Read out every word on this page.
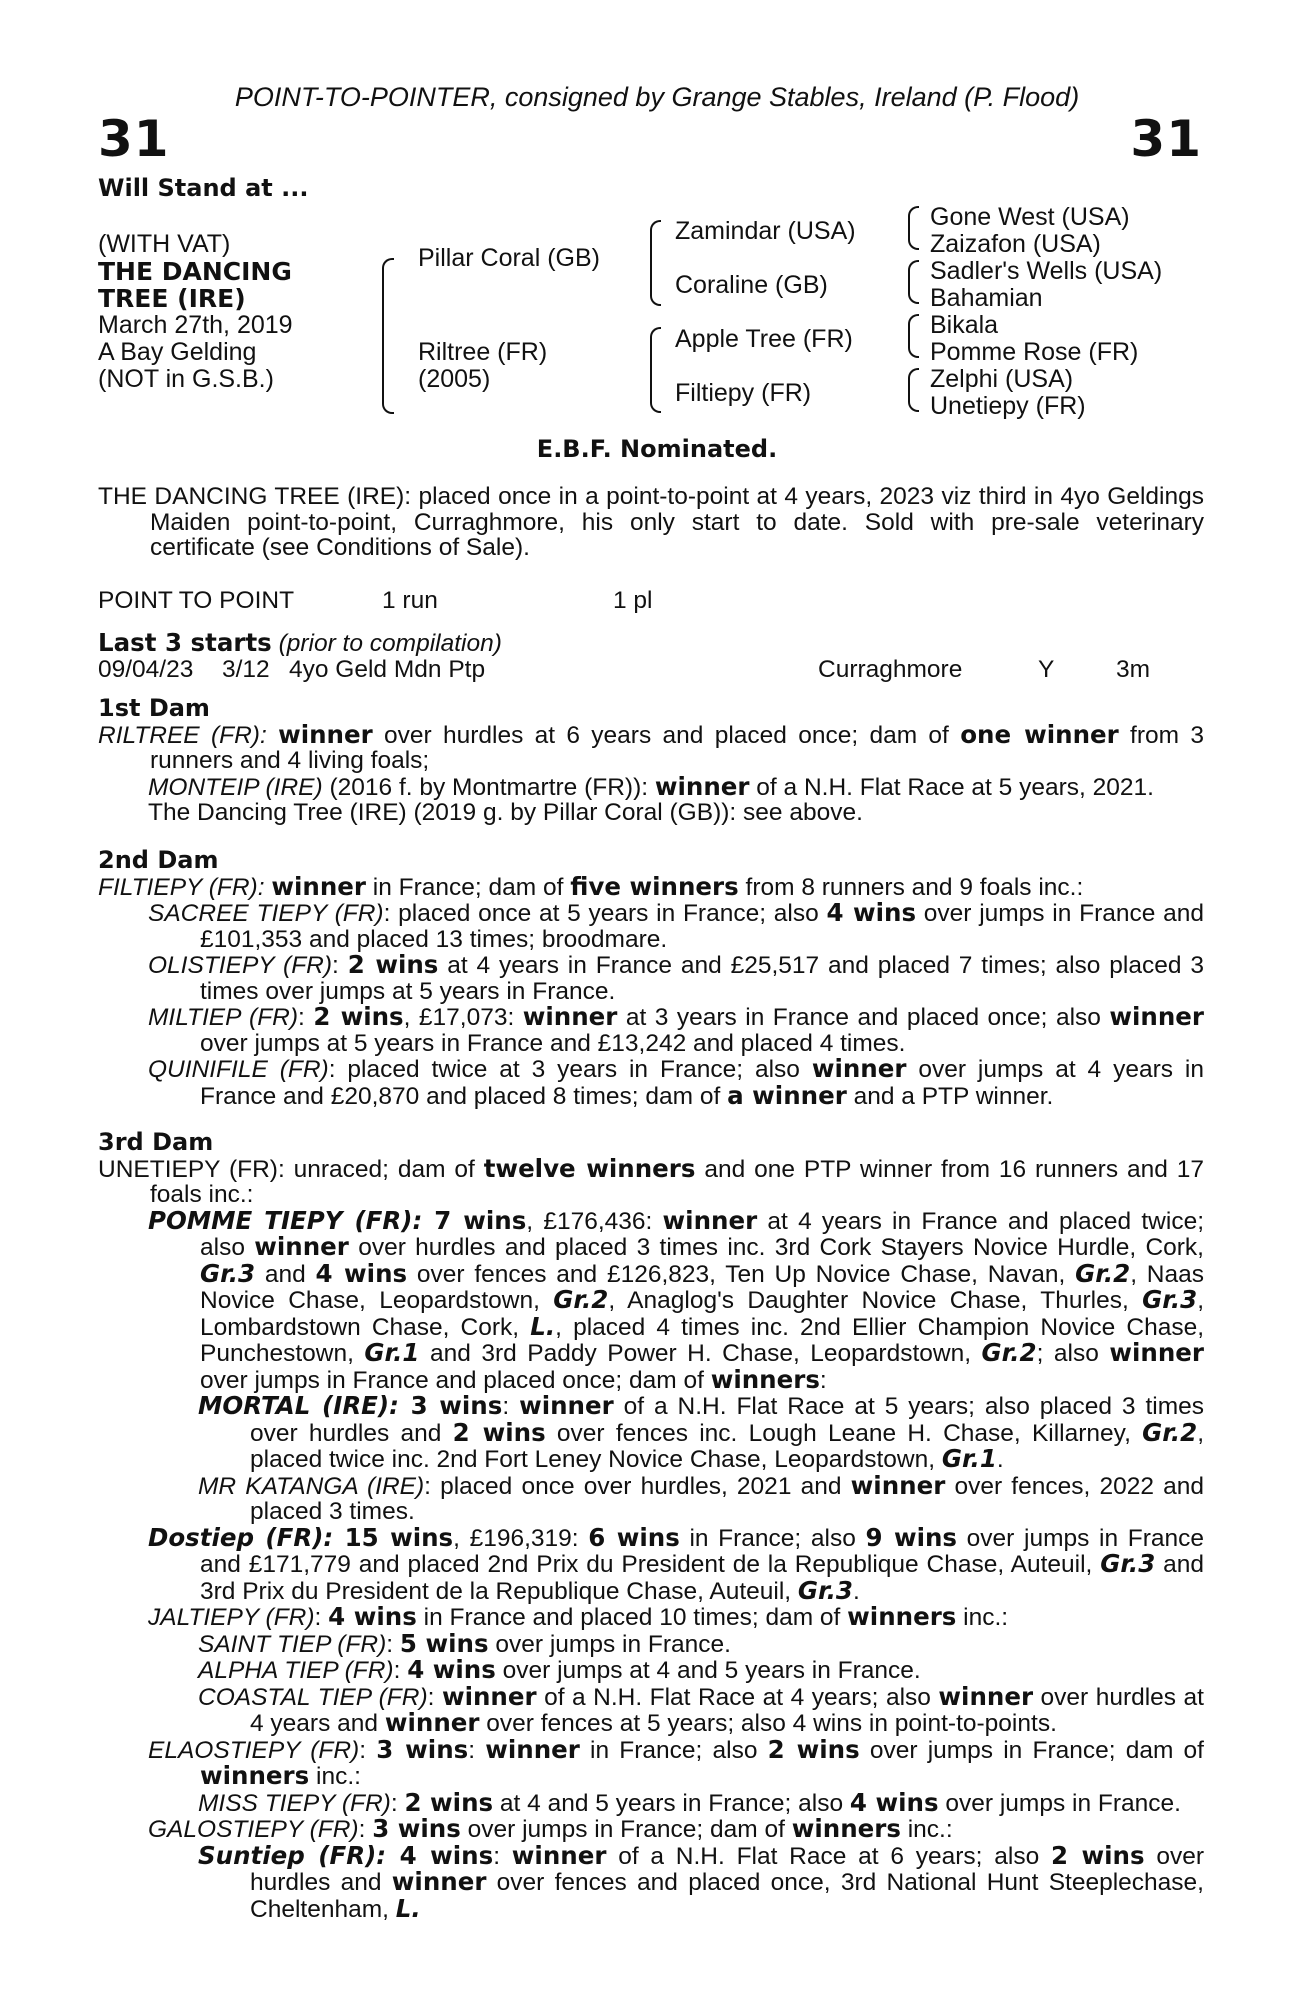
POINT-TO-POINTER, consigned by Grange Stables, Ireland (P. Flood)
31	31
Will Stand at ...
(WITH VAT)
THE DANCING
TREE (IRE)
March 27th, 2019
A Bay Gelding
(NOT in G.S.B.)
Pillar Coral (GB)
Riltree (FR)
(2005)
Zamindar (USA)
Coraline (GB)
Apple Tree (FR)
Filtiepy (FR)
Gone West (USA)
Zaizafon (USA)
Sadler's Wells (USA)
Bahamian
Bikala
Pomme Rose (FR)
Zelphi (USA)
Unetiepy (FR)
E.B.F. Nominated.

THE DANCING TREE (IRE): placed once in a point-to-point at 4 years, 2023 viz third in 4yo Geldings Maiden point-to-point, Curraghmore, his only start to date. Sold with pre-sale veterinary certificate (see Conditions of Sale).

POINT TO POINT	1 run	1 pl
Last 3 starts (prior to compilation)
09/04/23 3/12 4yo Geld Mdn Ptp	Curraghmore	Y	3m
1st Dam

RILTREE (FR): winner over hurdles at 6 years and placed once; dam of one winner from 3 runners and 4 living foals;

MONTEIP (IRE) (2016 f. by Montmartre (FR)): winner of a N.H. Flat Race at 5 years, 2021.

The Dancing Tree (IRE) (2019 g. by Pillar Coral (GB)): see above.

2nd Dam

FILTIEPY (FR): winner in France; dam of five winners from 8 runners and 9 foals inc.:

SACREE TIEPY (FR): placed once at 5 years in France; also 4 wins over jumps in France and £101,353 and placed 13 times; broodmare.

OLISTIEPY (FR): 2 wins at 4 years in France and £25,517 and placed 7 times; also placed 3 times over jumps at 5 years in France.

MILTIEP (FR): 2 wins, £17,073: winner at 3 years in France and placed once; also winner over jumps at 5 years in France and £13,242 and placed 4 times.

QUINIFILE (FR): placed twice at 3 years in France; also winner over jumps at 4 years in France and £20,870 and placed 8 times; dam of a winner and a PTP winner.

3rd Dam

UNETIEPY (FR): unraced; dam of twelve winners and one PTP winner from 16 runners and 17 foals inc.:

POMME TIEPY (FR): 7 wins, £176,436: winner at 4 years in France and placed twice; also winner over hurdles and placed 3 times inc. 3rd Cork Stayers Novice Hurdle, Cork, Gr.3 and 4 wins over fences and £126,823, Ten Up Novice Chase, Navan, Gr.2, Naas Novice Chase, Leopardstown, Gr.2, Anaglog's Daughter Novice Chase, Thurles, Gr.3, Lombardstown Chase, Cork, L., placed 4 times inc. 2nd Ellier Champion Novice Chase, Punchestown, Gr.1 and 3rd Paddy Power H. Chase, Leopardstown, Gr.2; also winner over jumps in France and placed once; dam of winners:

MORTAL (IRE): 3 wins: winner of a N.H. Flat Race at 5 years; also placed 3 times over hurdles and 2 wins over fences inc. Lough Leane H. Chase, Killarney, Gr.2, placed twice inc. 2nd Fort Leney Novice Chase, Leopardstown, Gr.1.

MR KATANGA (IRE): placed once over hurdles, 2021 and winner over fences, 2022 and placed 3 times.

Dostiep (FR): 15 wins, £196,319: 6 wins in France; also 9 wins over jumps in France and £171,779 and placed 2nd Prix du President de la Republique Chase, Auteuil, Gr.3 and 3rd Prix du President de la Republique Chase, Auteuil, Gr.3.

JALTIEPY (FR): 4 wins in France and placed 10 times; dam of winners inc.:

SAINT TIEP (FR): 5 wins over jumps in France.

ALPHA TIEP (FR): 4 wins over jumps at 4 and 5 years in France.

COASTAL TIEP (FR): winner of a N.H. Flat Race at 4 years; also winner over hurdles at 4 years and winner over fences at 5 years; also 4 wins in point-to-points.

ELAOSTIEPY (FR): 3 wins: winner in France; also 2 wins over jumps in France; dam of winners inc.:

MISS TIEPY (FR): 2 wins at 4 and 5 years in France; also 4 wins over jumps in France.

GALOSTIEPY (FR): 3 wins over jumps in France; dam of winners inc.:

Suntiep (FR): 4 wins: winner of a N.H. Flat Race at 6 years; also 2 wins over hurdles and winner over fences and placed once, 3rd National Hunt Steeplechase, Cheltenham, L.
